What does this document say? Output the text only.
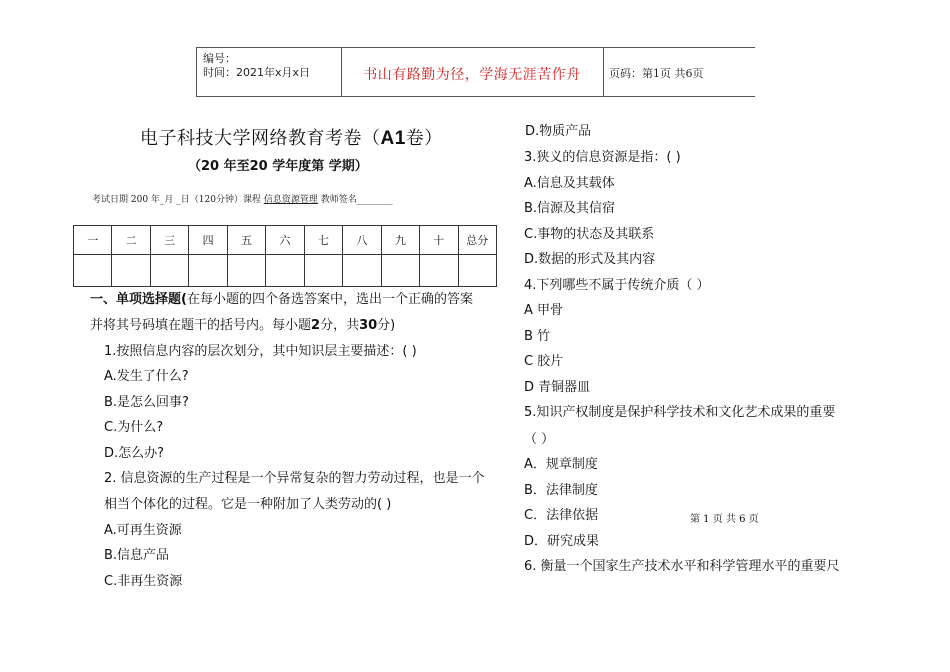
编号：
时间：2021年x月x日	书山有路勤为径，学海无涯苦作舟	页码：第1页 共6页
电子科技大学网络教育考卷（A1卷）
（20 年至20 学年度第 学期）
考试日期 200 年_月 _日（120分钟）课程 信息资源管理 教师签名________
一	二	三	四	五	六	七	八	九	十	总分

一、单项选择题(在每小题的四个备选答案中，选出一个正确的答案
并将其号码填在题干的括号内。每小题2分，共30分)
1.按照信息内容的层次划分，其中知识层主要描述：( )
A.发生了什么?
B.是怎么回事?
C.为什么?
D.怎么办?
2. 信息资源的生产过程是一个异常复杂的智力劳动过程，也是一个
相当个体化的过程。它是一种附加了人类劳动的( )
A.可再生资源
B.信息产品
C.非再生资源
D.物质产品
3.狭义的信息资源是指：( )
A.信息及其载体
B.信源及其信宿
C.事物的状态及其联系
D.数据的形式及其内容
4.下列哪些不属于传统介质（ ）
A 甲骨
B 竹
C 胶片
D 青铜器皿
5.知识产权制度是保护科学技术和文化艺术成果的重要
（ ）
A．规章制度
B．法律制度
C．法律依据
D．研究成果
6. 衡量一个国家生产技术水平和科学管理水平的重要尺
第 1 页 共 6 页
